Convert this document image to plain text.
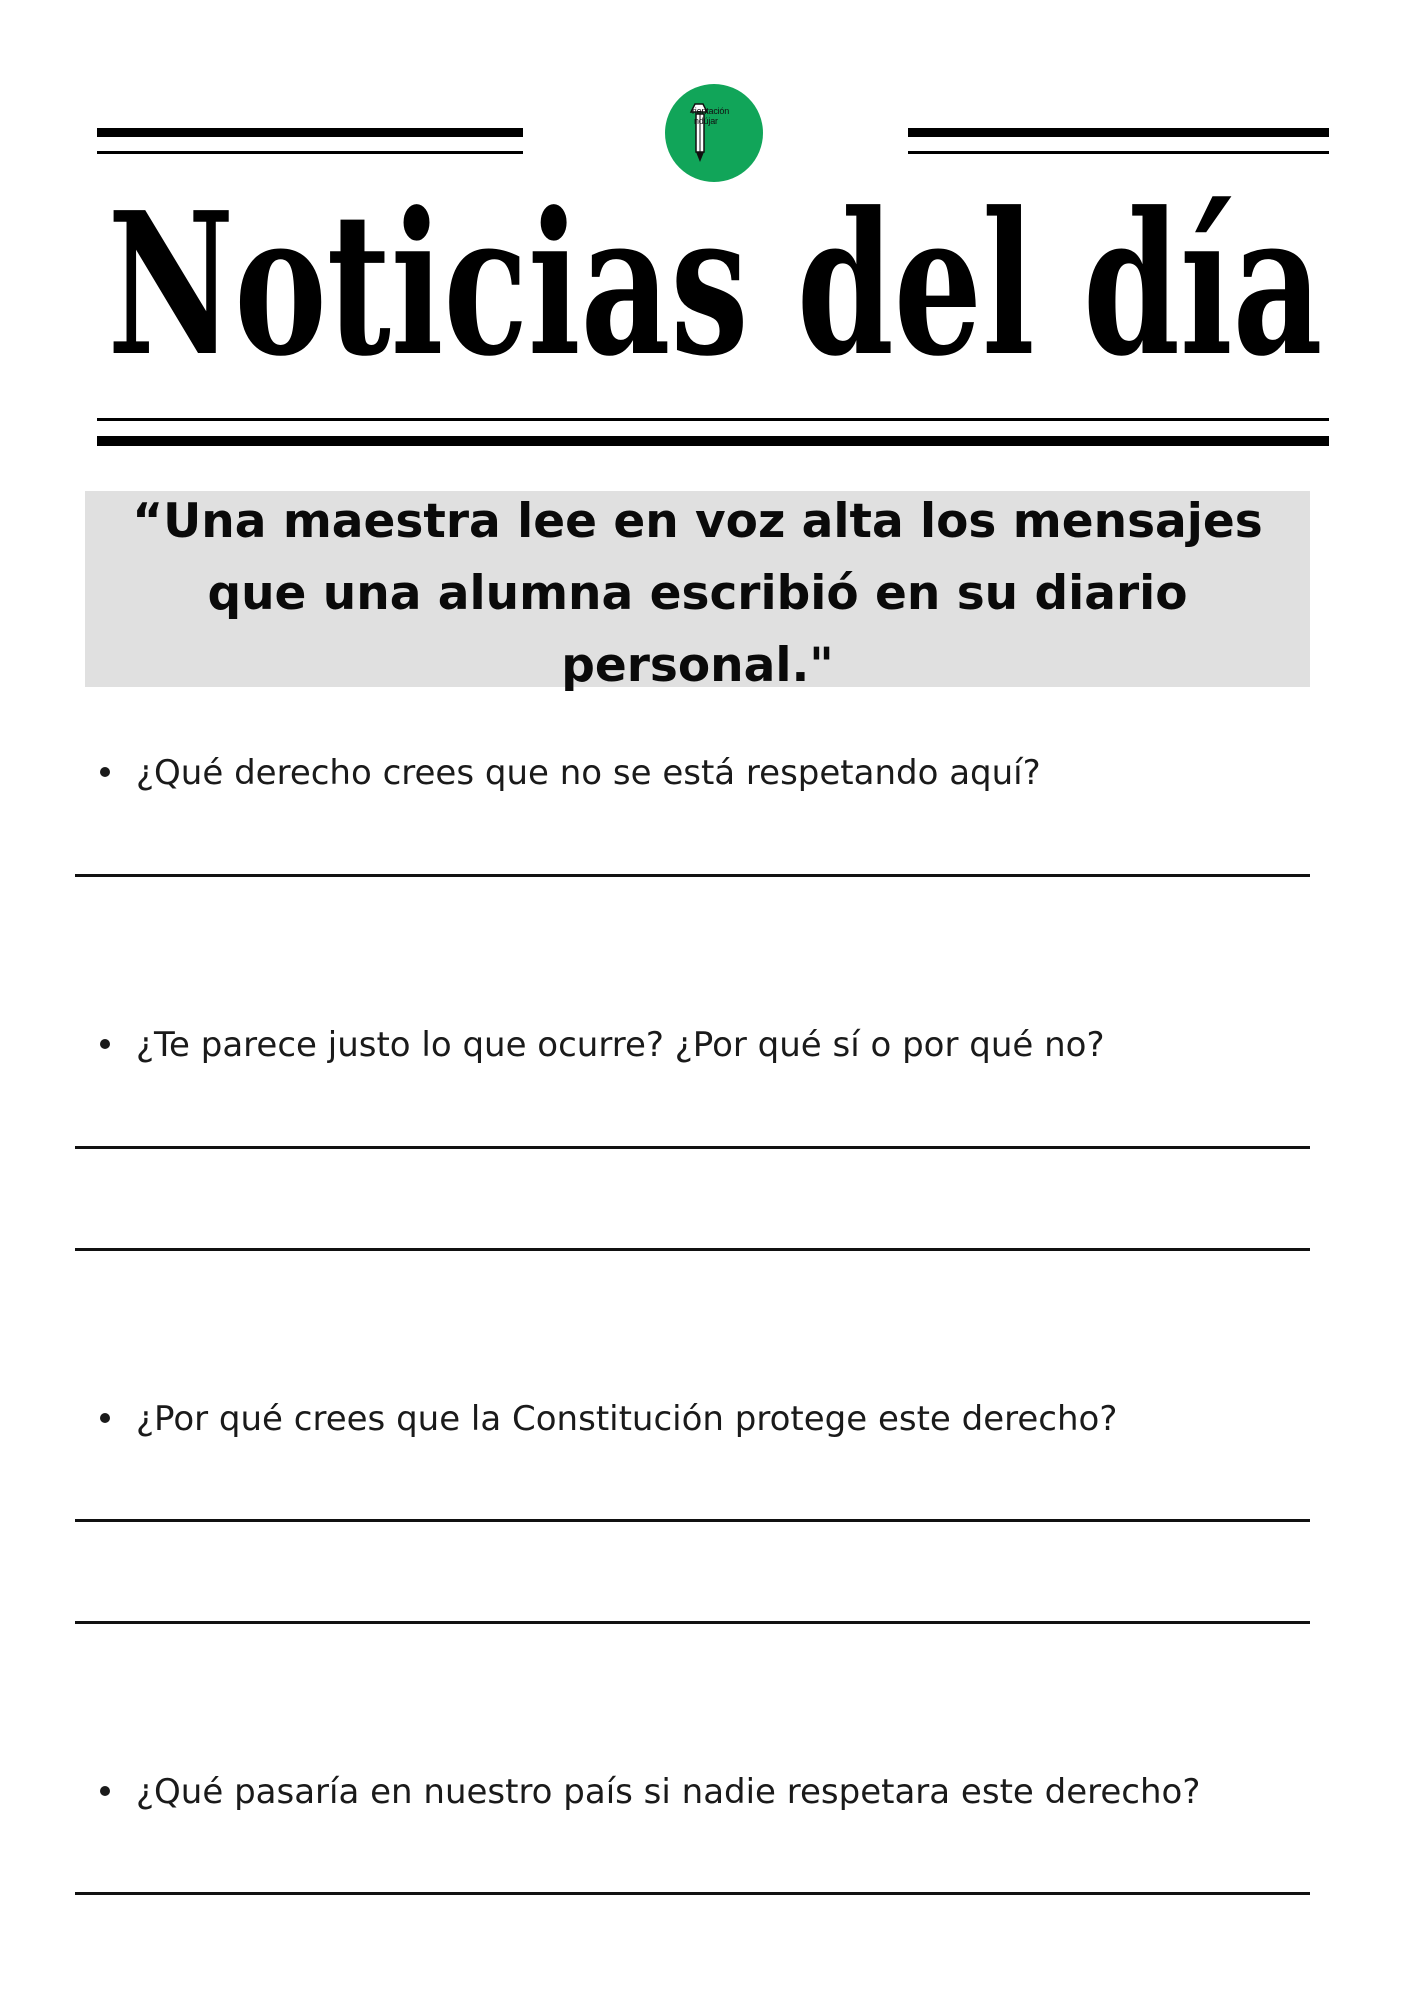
rientación
ndújar
Noticias del día
“Una maestra lee en voz alta los mensajes que una alumna escribió en su diario personal."
¿Qué derecho crees que no se está respetando aquí?
¿Te parece justo lo que ocurre? ¿Por qué sí o por qué no?
¿Por qué crees que la Constitución protege este derecho?
¿Qué pasaría en nuestro país si nadie respetara este derecho?
